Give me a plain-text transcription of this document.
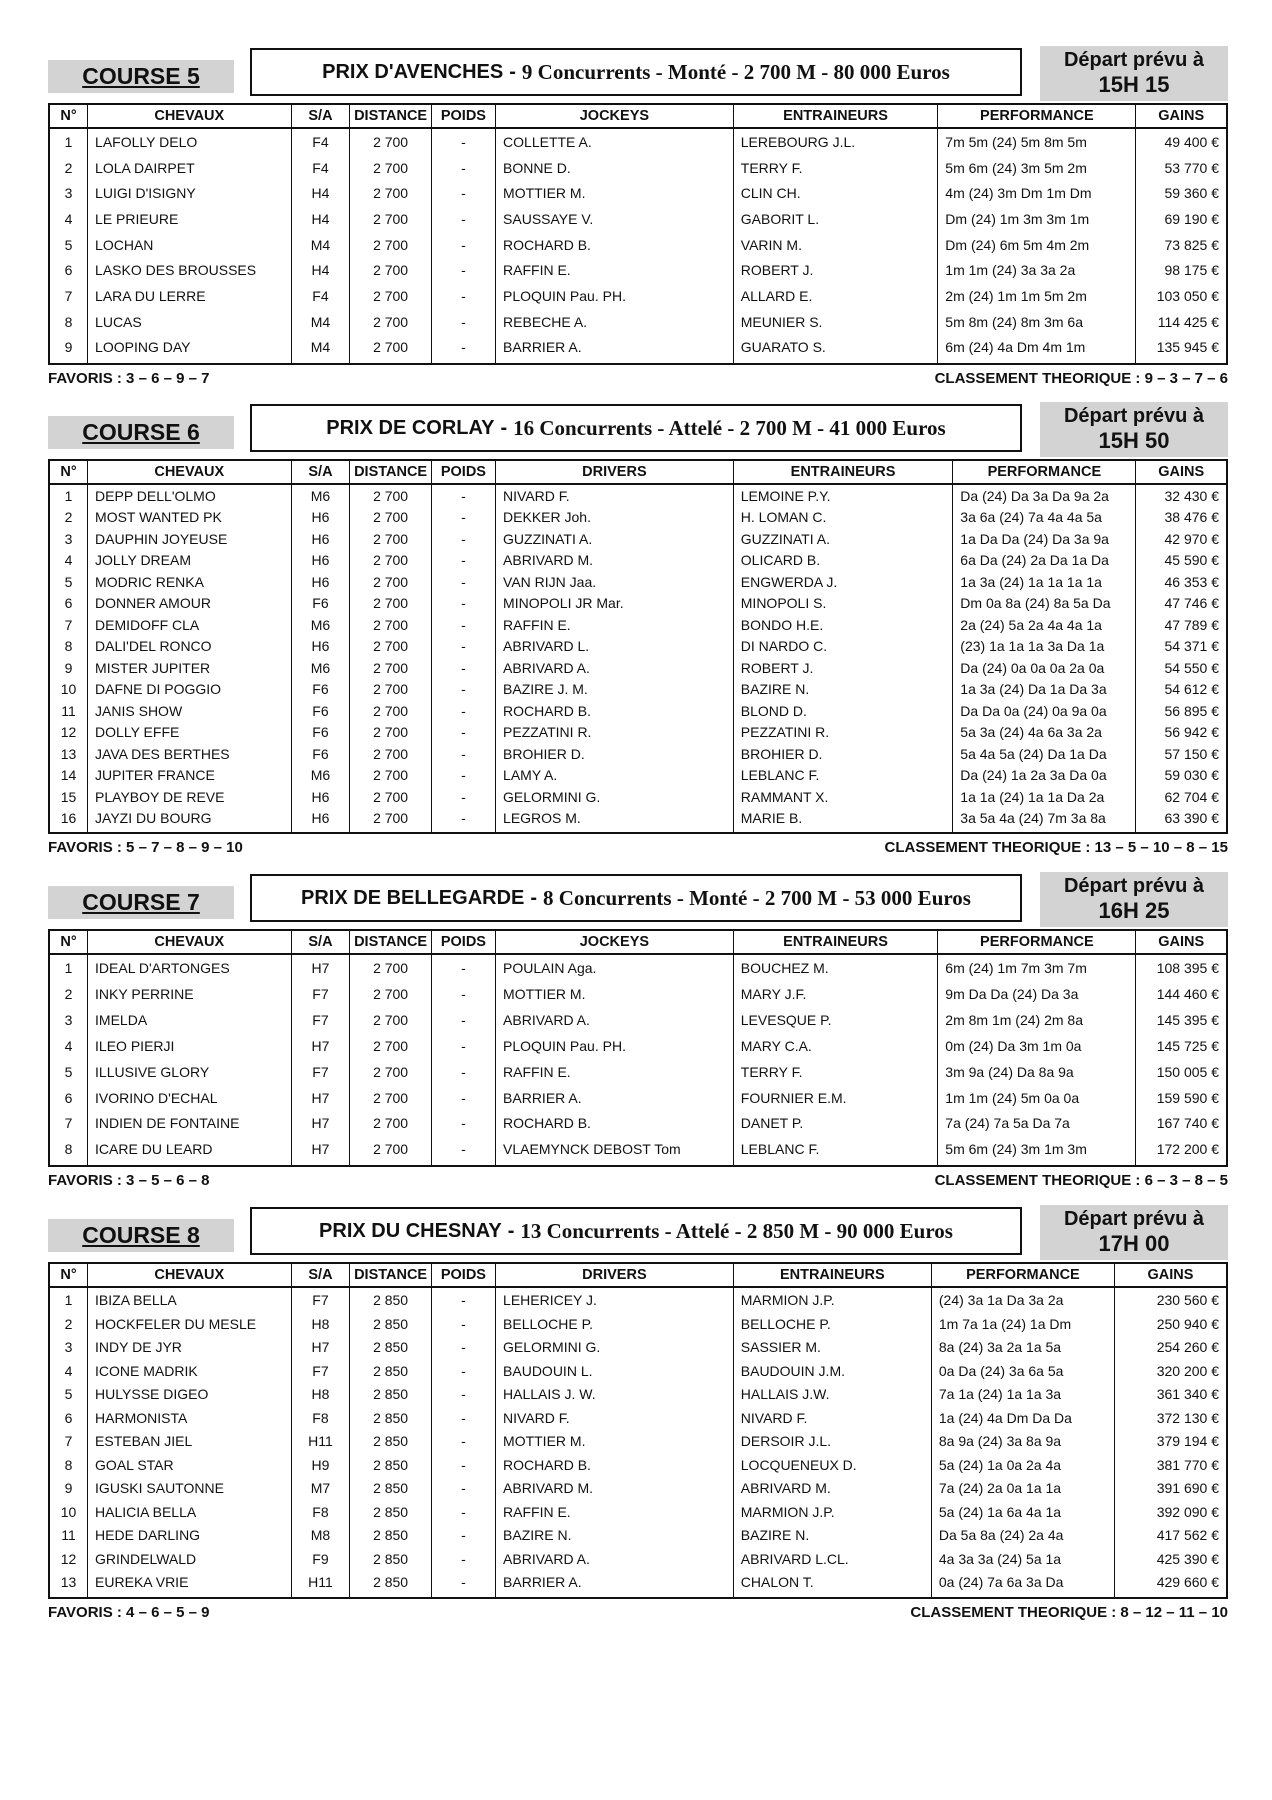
COURSE 5	PRIX D'AVENCHES - 9 Concurrents - Monté - 2 700 M - 80 000 Euros	Départ prévu à
15H 15
N°	CHEVAUX	S/A	DISTANCE	POIDS	JOCKEYS	ENTRAINEURS	PERFORMANCE	GAINS
1	LAFOLLY DELO	F4	2 700	-	COLLETTE A.	LEREBOURG J.L.	7m 5m (24) 5m 8m 5m	49 400 €
2	LOLA DAIRPET	F4	2 700	-	BONNE D.	TERRY F.	5m 6m (24) 3m 5m 2m	53 770 €
3	LUIGI D'ISIGNY	H4	2 700	-	MOTTIER M.	CLIN CH.	4m (24) 3m Dm 1m Dm	59 360 €
4	LE PRIEURE	H4	2 700	-	SAUSSAYE V.	GABORIT L.	Dm (24) 1m 3m 3m 1m	69 190 €
5	LOCHAN	M4	2 700	-	ROCHARD B.	VARIN M.	Dm (24) 6m 5m 4m 2m	73 825 €
6	LASKO DES BROUSSES	H4	2 700	-	RAFFIN E.	ROBERT J.	1m 1m (24) 3a 3a 2a	98 175 €
7	LARA DU LERRE	F4	2 700	-	PLOQUIN Pau. PH.	ALLARD E.	2m (24) 1m 1m 5m 2m	103 050 €
8	LUCAS	M4	2 700	-	REBECHE A.	MEUNIER S.	5m 8m (24) 8m 3m 6a	114 425 €
9	LOOPING DAY	M4	2 700	-	BARRIER A.	GUARATO S.	6m (24) 4a Dm 4m 1m	135 945 €
FAVORIS : 3 – 6 – 9 – 7	CLASSEMENT THEORIQUE : 9 – 3 – 7 – 6
COURSE 6	PRIX DE CORLAY - 16 Concurrents - Attelé - 2 700 M - 41 000 Euros	Départ prévu à
15H 50
N°	CHEVAUX	S/A	DISTANCE	POIDS	DRIVERS	ENTRAINEURS	PERFORMANCE	GAINS
1	DEPP DELL'OLMO	M6	2 700	-	NIVARD F.	LEMOINE P.Y.	Da (24) Da 3a Da 9a 2a	32 430 €
2	MOST WANTED PK	H6	2 700	-	DEKKER Joh.	H. LOMAN C.	3a 6a (24) 7a 4a 4a 5a	38 476 €
3	DAUPHIN JOYEUSE	H6	2 700	-	GUZZINATI A.	GUZZINATI A.	1a Da Da (24) Da 3a 9a	42 970 €
4	JOLLY DREAM	H6	2 700	-	ABRIVARD M.	OLICARD B.	6a Da (24) 2a Da 1a Da	45 590 €
5	MODRIC RENKA	H6	2 700	-	VAN RIJN Jaa.	ENGWERDA J.	1a 3a (24) 1a 1a 1a 1a	46 353 €
6	DONNER AMOUR	F6	2 700	-	MINOPOLI JR Mar.	MINOPOLI S.	Dm 0a 8a (24) 8a 5a Da	47 746 €
7	DEMIDOFF CLA	M6	2 700	-	RAFFIN E.	BONDO H.E.	2a (24) 5a 2a 4a 4a 1a	47 789 €
8	DALI'DEL RONCO	H6	2 700	-	ABRIVARD L.	DI NARDO C.	(23) 1a 1a 1a 3a Da 1a	54 371 €
9	MISTER JUPITER	M6	2 700	-	ABRIVARD A.	ROBERT J.	Da (24) 0a 0a 0a 2a 0a	54 550 €
10	DAFNE DI POGGIO	F6	2 700	-	BAZIRE J. M.	BAZIRE N.	1a 3a (24) Da 1a Da 3a	54 612 €
11	JANIS SHOW	F6	2 700	-	ROCHARD B.	BLOND D.	Da Da 0a (24) 0a 9a 0a	56 895 €
12	DOLLY EFFE	F6	2 700	-	PEZZATINI R.	PEZZATINI R.	5a 3a (24) 4a 6a 3a 2a	56 942 €
13	JAVA DES BERTHES	F6	2 700	-	BROHIER D.	BROHIER D.	5a 4a 5a (24) Da 1a Da	57 150 €
14	JUPITER FRANCE	M6	2 700	-	LAMY A.	LEBLANC F.	Da (24) 1a 2a 3a Da 0a	59 030 €
15	PLAYBOY DE REVE	H6	2 700	-	GELORMINI G.	RAMMANT X.	1a 1a (24) 1a 1a Da 2a	62 704 €
16	JAYZI DU BOURG	H6	2 700	-	LEGROS M.	MARIE B.	3a 5a 4a (24) 7m 3a 8a	63 390 €
FAVORIS : 5 – 7 – 8 – 9 – 10	CLASSEMENT THEORIQUE : 13 – 5 – 10 – 8 – 15
COURSE 7	PRIX DE BELLEGARDE - 8 Concurrents - Monté - 2 700 M - 53 000 Euros	Départ prévu à
16H 25
N°	CHEVAUX	S/A	DISTANCE	POIDS	JOCKEYS	ENTRAINEURS	PERFORMANCE	GAINS
1	IDEAL D'ARTONGES	H7	2 700	-	POULAIN Aga.	BOUCHEZ M.	6m (24) 1m 7m 3m 7m	108 395 €
2	INKY PERRINE	F7	2 700	-	MOTTIER M.	MARY J.F.	9m Da Da (24) Da 3a	144 460 €
3	IMELDA	F7	2 700	-	ABRIVARD A.	LEVESQUE P.	2m 8m 1m (24) 2m 8a	145 395 €
4	ILEO PIERJI	H7	2 700	-	PLOQUIN Pau. PH.	MARY C.A.	0m (24) Da 3m 1m 0a	145 725 €
5	ILLUSIVE GLORY	F7	2 700	-	RAFFIN E.	TERRY F.	3m 9a (24) Da 8a 9a	150 005 €
6	IVORINO D'ECHAL	H7	2 700	-	BARRIER A.	FOURNIER E.M.	1m 1m (24) 5m 0a 0a	159 590 €
7	INDIEN DE FONTAINE	H7	2 700	-	ROCHARD B.	DANET P.	7a (24) 7a 5a Da 7a	167 740 €
8	ICARE DU LEARD	H7	2 700	-	VLAEMYNCK DEBOST Tom	LEBLANC F.	5m 6m (24) 3m 1m 3m	172 200 €
FAVORIS : 3 – 5 – 6 – 8	CLASSEMENT THEORIQUE : 6 – 3 – 8 – 5
COURSE 8	PRIX DU CHESNAY - 13 Concurrents - Attelé - 2 850 M - 90 000 Euros	Départ prévu à
17H 00
N°	CHEVAUX	S/A	DISTANCE	POIDS	DRIVERS	ENTRAINEURS	PERFORMANCE	GAINS
1	IBIZA BELLA	F7	2 850	-	LEHERICEY J.	MARMION J.P.	(24) 3a 1a Da 3a 2a	230 560 €
2	HOCKFELER DU MESLE	H8	2 850	-	BELLOCHE P.	BELLOCHE P.	1m 7a 1a (24) 1a Dm	250 940 €
3	INDY DE JYR	H7	2 850	-	GELORMINI G.	SASSIER M.	8a (24) 3a 2a 1a 5a	254 260 €
4	ICONE MADRIK	F7	2 850	-	BAUDOUIN L.	BAUDOUIN J.M.	0a Da (24) 3a 6a 5a	320 200 €
5	HULYSSE DIGEO	H8	2 850	-	HALLAIS J. W.	HALLAIS J.W.	7a 1a (24) 1a 1a 3a	361 340 €
6	HARMONISTA	F8	2 850	-	NIVARD F.	NIVARD F.	1a (24) 4a Dm Da Da	372 130 €
7	ESTEBAN JIEL	H11	2 850	-	MOTTIER M.	DERSOIR J.L.	8a 9a (24) 3a 8a 9a	379 194 €
8	GOAL STAR	H9	2 850	-	ROCHARD B.	LOCQUENEUX D.	5a (24) 1a 0a 2a 4a	381 770 €
9	IGUSKI SAUTONNE	M7	2 850	-	ABRIVARD M.	ABRIVARD M.	7a (24) 2a 0a 1a 1a	391 690 €
10	HALICIA BELLA	F8	2 850	-	RAFFIN E.	MARMION J.P.	5a (24) 1a 6a 4a 1a	392 090 €
11	HEDE DARLING	M8	2 850	-	BAZIRE N.	BAZIRE N.	Da 5a 8a (24) 2a 4a	417 562 €
12	GRINDELWALD	F9	2 850	-	ABRIVARD A.	ABRIVARD L.CL.	4a 3a 3a (24) 5a 1a	425 390 €
13	EUREKA VRIE	H11	2 850	-	BARRIER A.	CHALON T.	0a (24) 7a 6a 3a Da	429 660 €
FAVORIS : 4 – 6 – 5 – 9	CLASSEMENT THEORIQUE : 8 – 12 – 11 – 10
